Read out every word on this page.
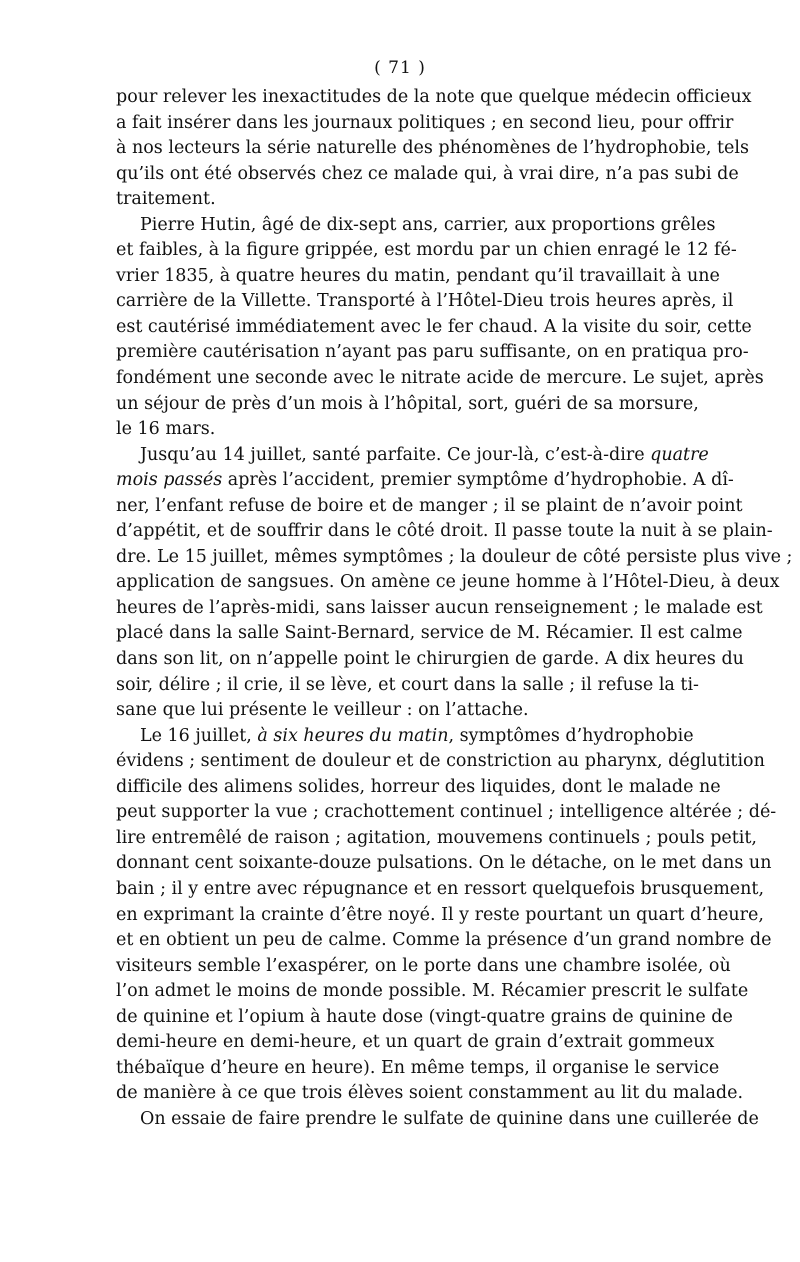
( 71 )
pour relever les inexactitudes de la note que quelque médecin officieux
a fait insérer dans les journaux politiques ; en second lieu, pour offrir
à nos lecteurs la série naturelle des phénomènes de l’hydrophobie, tels
qu’ils ont été observés chez ce malade qui, à vrai dire, n’a pas subi de
traitement.
Pierre Hutin, âgé de dix-sept ans, carrier, aux proportions grêles
et faibles, à la figure grippée, est mordu par un chien enragé le 12 fé-
vrier 1835, à quatre heures du matin, pendant qu’il travaillait à une
carrière de la Villette. Transporté à l’Hôtel-Dieu trois heures après, il
est cautérisé immédiatement avec le fer chaud. A la visite du soir, cette
première cautérisation n’ayant pas paru suffisante, on en pratiqua pro-
fondément une seconde avec le nitrate acide de mercure. Le sujet, après
un séjour de près d’un mois à l’hôpital, sort, guéri de sa morsure,
le 16 mars.
Jusqu’au 14 juillet, santé parfaite. Ce jour-là, c’est-à-dire quatre
mois passés après l’accident, premier symptôme d’hydrophobie. A dî-
ner, l’enfant refuse de boire et de manger ; il se plaint de n’avoir point
d’appétit, et de souffrir dans le côté droit. Il passe toute la nuit à se plain-
dre. Le 15 juillet, mêmes symptômes ; la douleur de côté persiste plus vive ;
application de sangsues. On amène ce jeune homme à l’Hôtel-Dieu, à deux
heures de l’après-midi, sans laisser aucun renseignement ; le malade est
placé dans la salle Saint-Bernard, service de M. Récamier. Il est calme
dans son lit, on n’appelle point le chirurgien de garde. A dix heures du
soir, délire ; il crie, il se lève, et court dans la salle ; il refuse la ti-
sane que lui présente le veilleur : on l’attache.
Le 16 juillet, à six heures du matin, symptômes d’hydrophobie
évidens ; sentiment de douleur et de constriction au pharynx, déglutition
difficile des alimens solides, horreur des liquides, dont le malade ne
peut supporter la vue ; crachottement continuel ; intelligence altérée ; dé-
lire entremêlé de raison ; agitation, mouvemens continuels ; pouls petit,
donnant cent soixante-douze pulsations. On le détache, on le met dans un
bain ; il y entre avec répugnance et en ressort quelquefois brusquement,
en exprimant la crainte d’être noyé. Il y reste pourtant un quart d’heure,
et en obtient un peu de calme. Comme la présence d’un grand nombre de
visiteurs semble l’exaspérer, on le porte dans une chambre isolée, où
l’on admet le moins de monde possible. M. Récamier prescrit le sulfate
de quinine et l’opium à haute dose (vingt-quatre grains de quinine de
demi-heure en demi-heure, et un quart de grain d’extrait gommeux
thébaïque d’heure en heure). En même temps, il organise le service
de manière à ce que trois élèves soient constamment au lit du malade.
On essaie de faire prendre le sulfate de quinine dans une cuillerée de
